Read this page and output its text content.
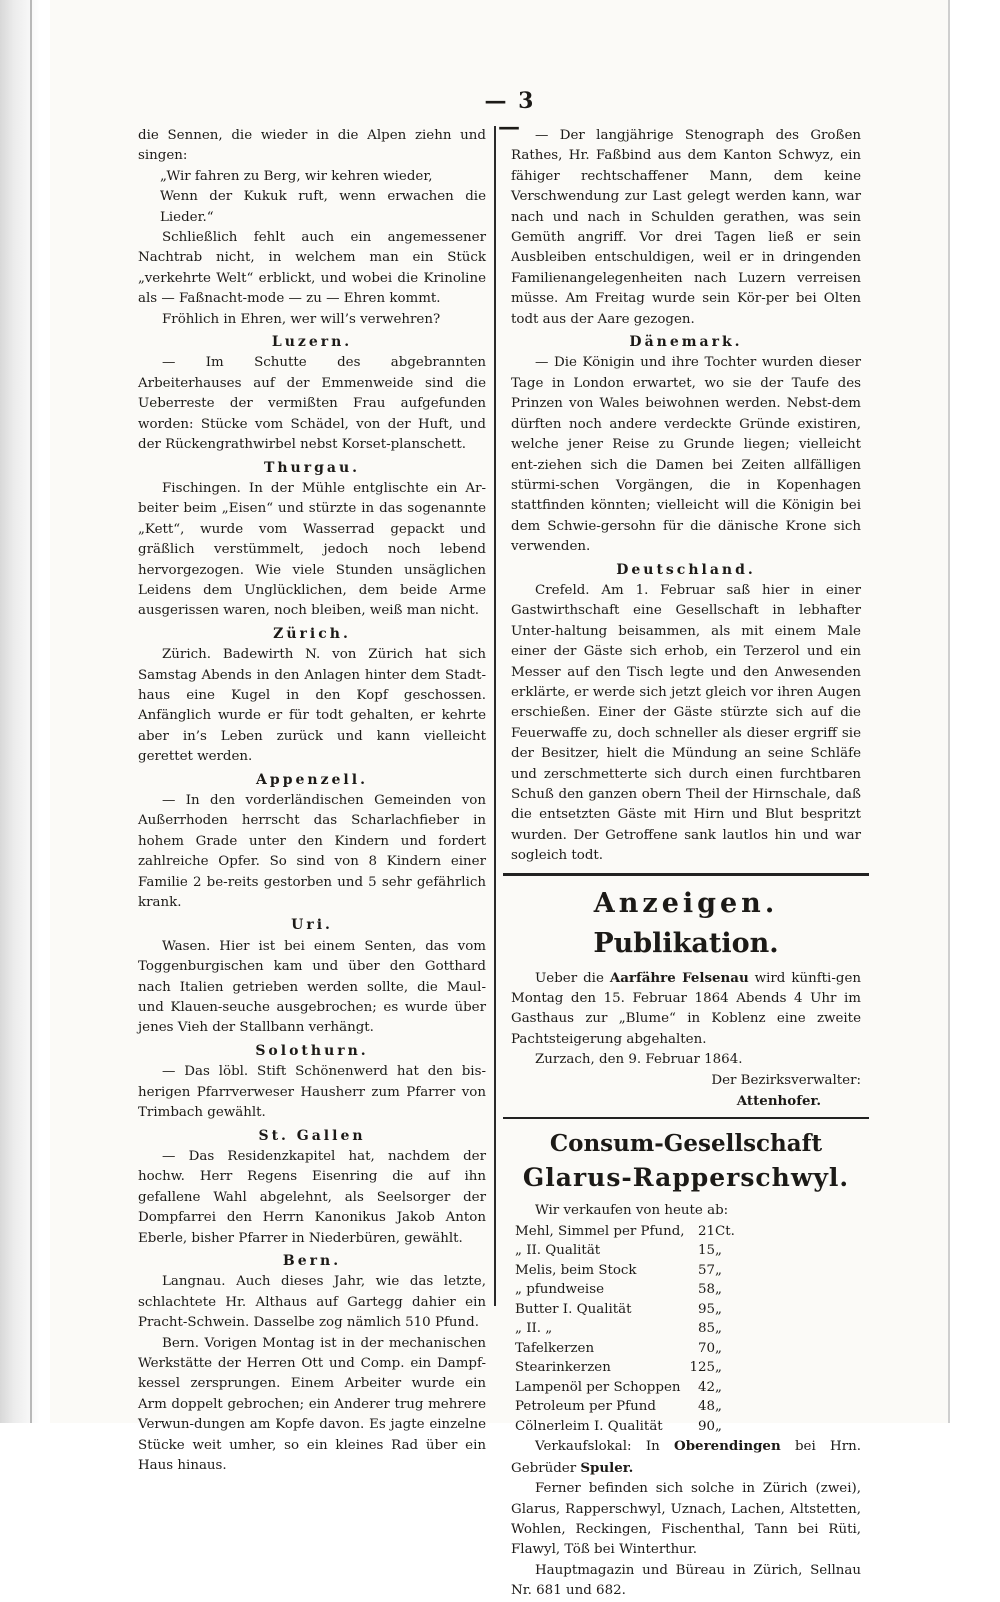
— 3 —

die Sennen, die wieder in die Alpen ziehn und singen:

„Wir fahren zu Berg, wir kehren wieder,

Wenn der Kukuk ruft, wenn erwachen die Lieder.“

Schließlich fehlt auch ein angemessener Nachtrab nicht, in welchem man ein Stück „verkehrte Welt“ erblickt, und wobei die Krinoline als — Faßnacht-mode — zu — Ehren kommt.

Fröhlich in Ehren, wer will’s verwehren?

Luzern.

— Im Schutte des abgebrannten Arbeiterhauses auf der Emmenweide sind die Ueberreste der vermißten Frau aufgefunden worden: Stücke vom Schädel, von der Huft, und der Rückengrathwirbel nebst Korset-planschett.

Thurgau.

Fischingen. In der Mühle entglischte ein Ar-beiter beim „Eisen“ und stürzte in das sogenannte „Kett“, wurde vom Wasserrad gepackt und gräßlich verstümmelt, jedoch noch lebend hervorgezogen. Wie viele Stunden unsäglichen Leidens dem Unglücklichen, dem beide Arme ausgerissen waren, noch bleiben, weiß man nicht.

Zürich.

Zürich. Badewirth N. von Zürich hat sich Samstag Abends in den Anlagen hinter dem Stadt-haus eine Kugel in den Kopf geschossen. Anfänglich wurde er für todt gehalten, er kehrte aber in’s Leben zurück und kann vielleicht gerettet werden.

Appenzell.

— In den vorderländischen Gemeinden von Außerrhoden herrscht das Scharlachfieber in hohem Grade unter den Kindern und fordert zahlreiche Opfer. So sind von 8 Kindern einer Familie 2 be-reits gestorben und 5 sehr gefährlich krank.

Uri.

Wasen. Hier ist bei einem Senten, das vom Toggenburgischen kam und über den Gotthard nach Italien getrieben werden sollte, die Maul- und Klauen-seuche ausgebrochen; es wurde über jenes Vieh der Stallbann verhängt.

Solothurn.

— Das löbl. Stift Schönenwerd hat den bis-herigen Pfarrverweser Hausherr zum Pfarrer von Trimbach gewählt.

St. Gallen

— Das Residenzkapitel hat, nachdem der hochw. Herr Regens Eisenring die auf ihn gefallene Wahl abgelehnt, als Seelsorger der Dompfarrei den Herrn Kanonikus Jakob Anton Eberle, bisher Pfarrer in Niederbüren, gewählt.

Bern.

Langnau. Auch dieses Jahr, wie das letzte, schlachtete Hr. Althaus auf Gartegg dahier ein Pracht-Schwein. Dasselbe zog nämlich 510 Pfund.

Bern. Vorigen Montag ist in der mechanischen Werkstätte der Herren Ott und Comp. ein Dampf-kessel zersprungen. Einem Arbeiter wurde ein Arm doppelt gebrochen; ein Anderer trug mehrere Verwun-dungen am Kopfe davon. Es jagte einzelne Stücke weit umher, so ein kleines Rad über ein Haus hinaus.

— Der langjährige Stenograph des Großen Rathes, Hr. Faßbind aus dem Kanton Schwyz, ein fähiger rechtschaffener Mann, dem keine Verschwendung zur Last gelegt werden kann, war nach und nach in Schulden gerathen, was sein Gemüth angriff. Vor drei Tagen ließ er sein Ausbleiben entschuldigen, weil er in dringenden Familienangelegenheiten nach Luzern verreisen müsse. Am Freitag wurde sein Kör-per bei Olten todt aus der Aare gezogen.

Dänemark.

— Die Königin und ihre Tochter wurden dieser Tage in London erwartet, wo sie der Taufe des Prinzen von Wales beiwohnen werden. Nebst-dem dürften noch andere verdeckte Gründe existiren, welche jener Reise zu Grunde liegen; vielleicht ent-ziehen sich die Damen bei Zeiten allfälligen stürmi-schen Vorgängen, die in Kopenhagen stattfinden könnten; vielleicht will die Königin bei dem Schwie-gersohn für die dänische Krone sich verwenden.

Deutschland.

Crefeld. Am 1. Februar saß hier in einer Gastwirthschaft eine Gesellschaft in lebhafter Unter-haltung beisammen, als mit einem Male einer der Gäste sich erhob, ein Terzerol und ein Messer auf den Tisch legte und den Anwesenden erklärte, er werde sich jetzt gleich vor ihren Augen erschießen. Einer der Gäste stürzte sich auf die Feuerwaffe zu, doch schneller als dieser ergriff sie der Besitzer, hielt die Mündung an seine Schläfe und zerschmetterte sich durch einen furchtbaren Schuß den ganzen obern Theil der Hirnschale, daß die entsetzten Gäste mit Hirn und Blut bespritzt wurden. Der Getroffene sank lautlos hin und war sogleich todt.

Anzeigen.
Publikation.

Ueber die Aarfähre Felsenau wird künfti-gen Montag den 15. Februar 1864 Abends 4 Uhr im Gasthaus zur „Blume“ in Koblenz eine zweite Pachtsteigerung abgehalten.

Zurzach, den 9. Februar 1864.

Der Bezirksverwalter:

Attenhofer.

Consum-Gesellschaft
Glarus-Rapperschwyl.

Wir verkaufen von heute ab:

Mehl, Simmel per Pfund,	21	Ct.
„ II. Qualität	15	„
Melis, beim Stock	57	„
„ pfundweise	58	„
Butter I. Qualität	95	„
„ II. „	85	„
Tafelkerzen	70	„
Stearinkerzen	125	„
Lampenöl per Schoppen	42	„
Petroleum per Pfund	48	„
Cölnerleim I. Qualität	90	„

Verkaufslokal: In Oberendingen bei Hrn. Gebrüder Spuler.

Ferner befinden sich solche in Zürich (zwei), Glarus, Rapperschwyl, Uznach, Lachen, Altstetten, Wohlen, Reckingen, Fischenthal, Tann bei Rüti, Flawyl, Töß bei Winterthur.

Hauptmagazin und Büreau in Zürich, Sellnau Nr. 681 und 682.
